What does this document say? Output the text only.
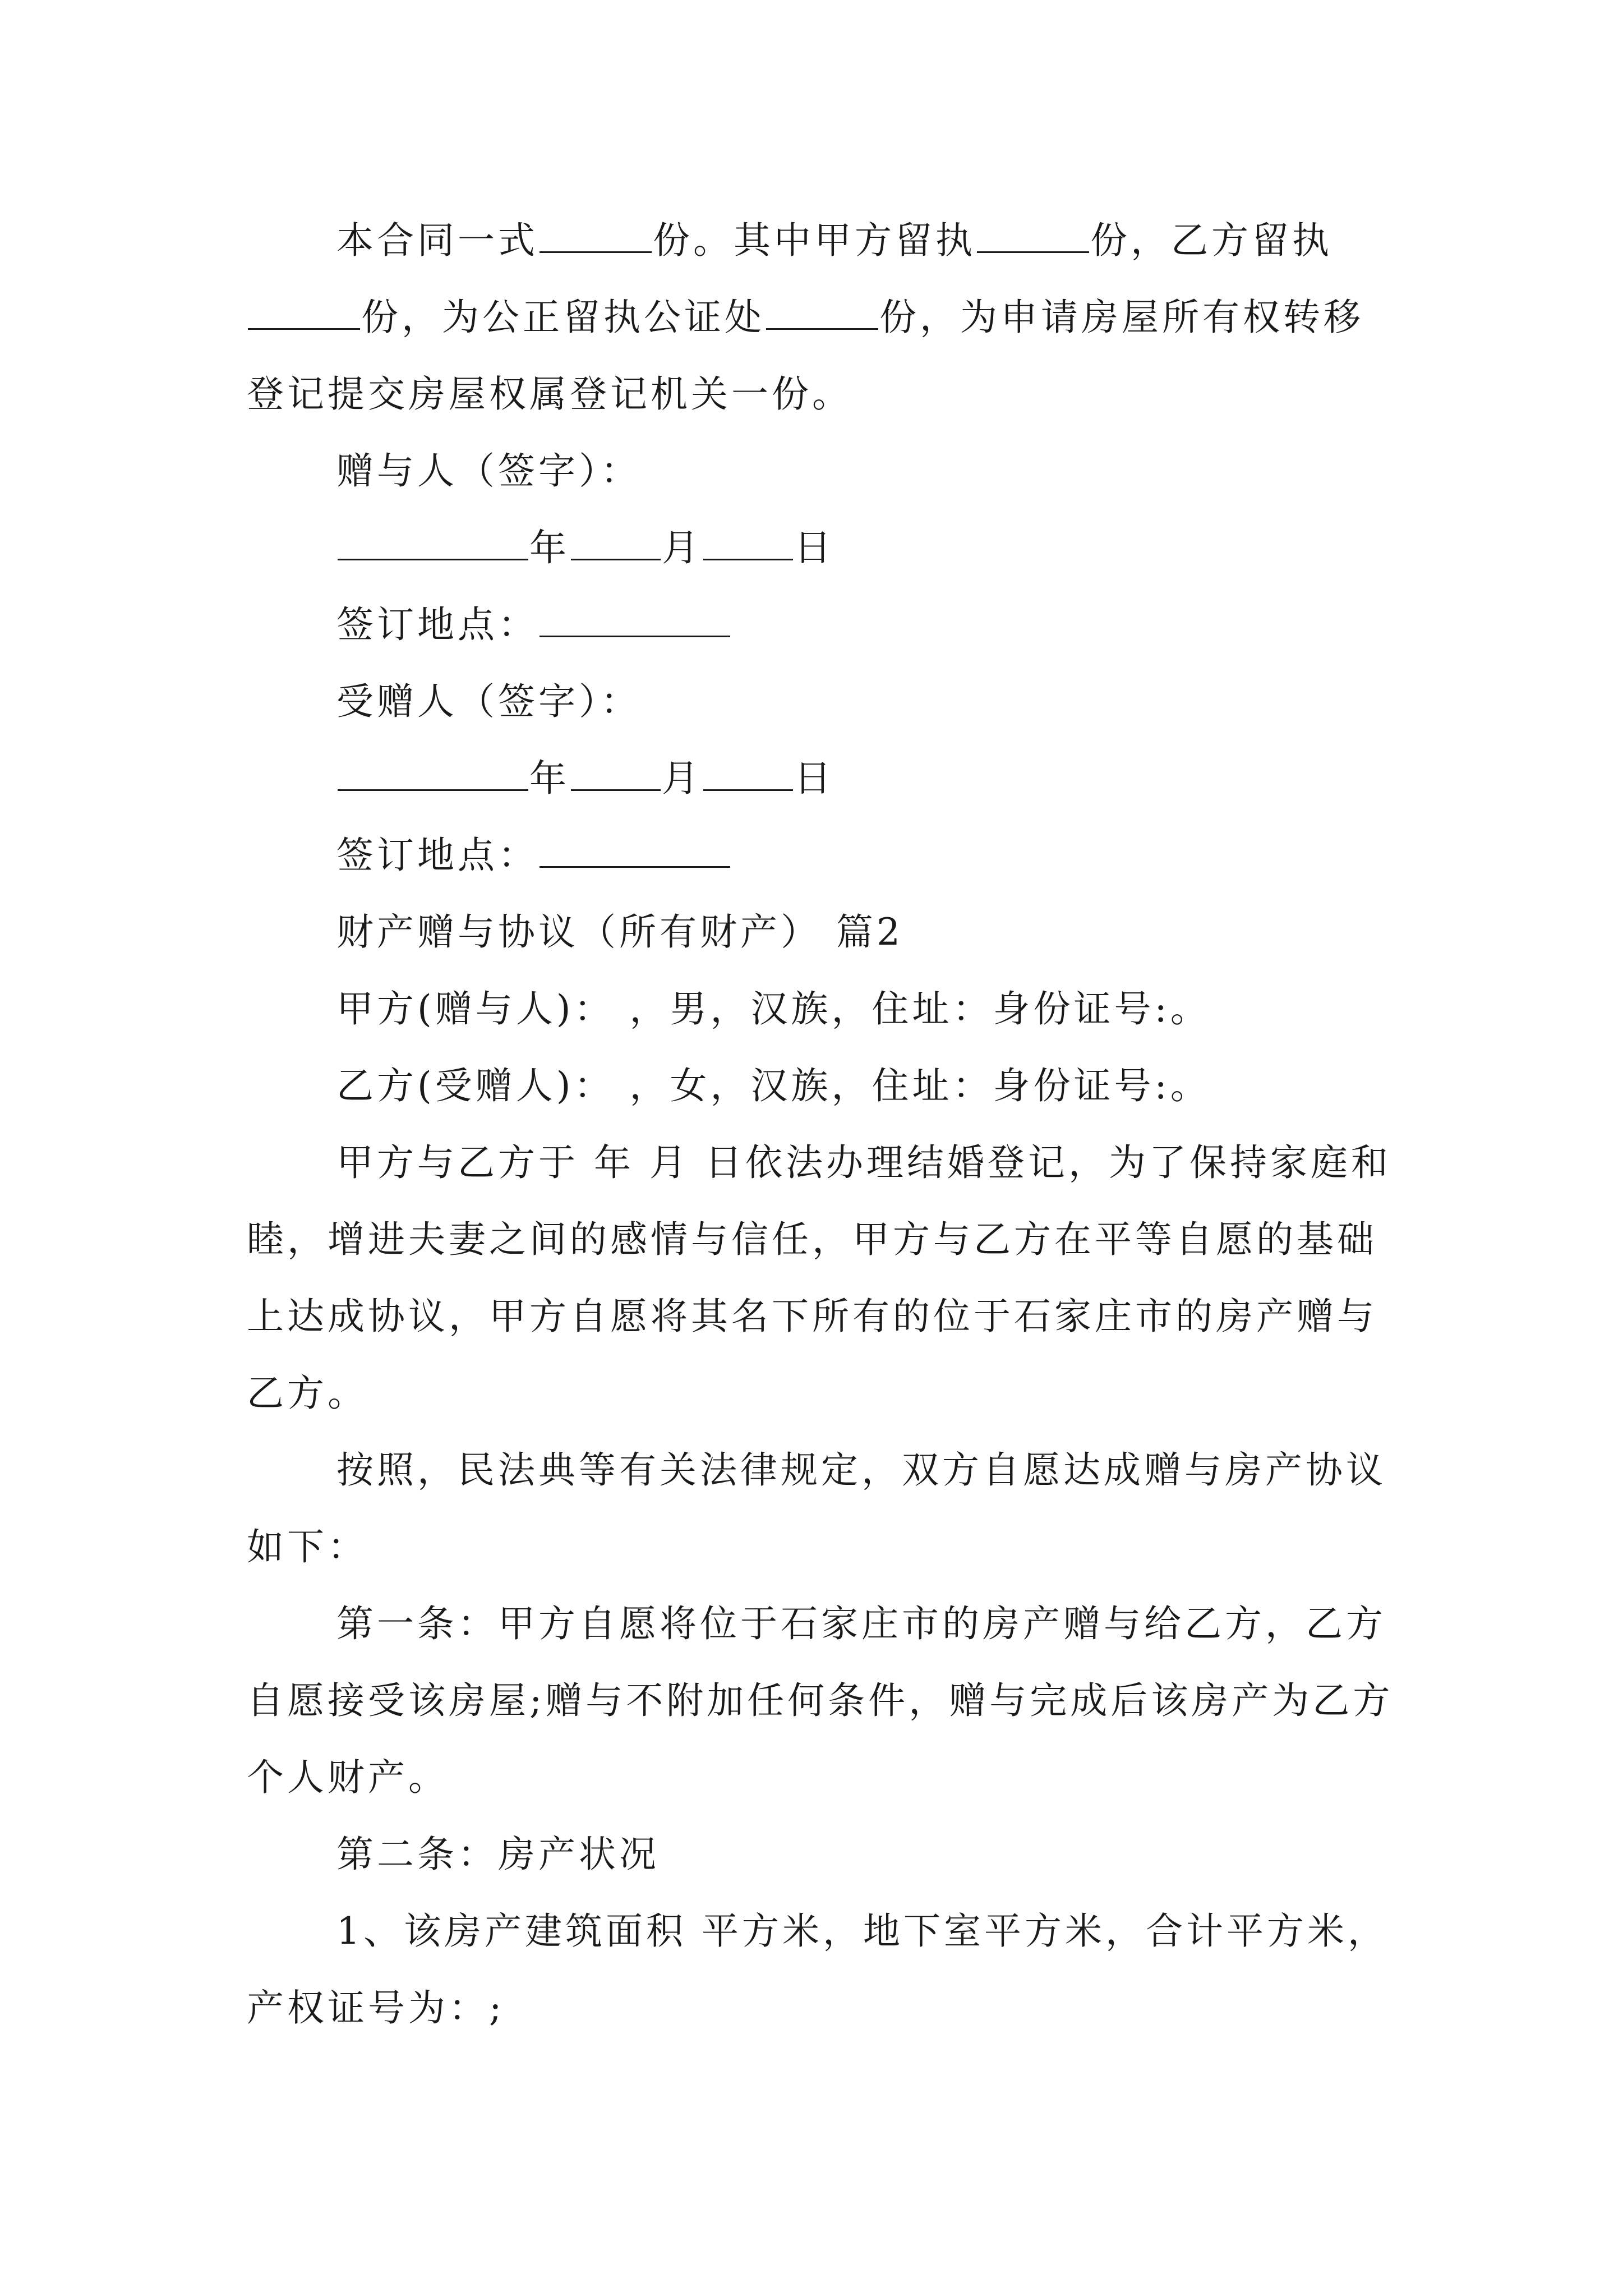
本合同一式	份。其中甲方留执	份，乙方留执份，为公正留执公证处	份，为申请房屋所有权转移登记提交房屋权属登记机关一份。

赠与人（签字）：

年 月 日

签订地点：

受赠人（签字）：

年 月 日

签订地点：

财产赠与协议（所有财产） 篇2

甲方(赠与人)： ，男，汉族，住址：身份证号:。

乙方(受赠人)： ，女，汉族，住址：身份证号:。

甲方与乙方于 年 月 日依法办理结婚登记，为了保持家庭和睦，增进夫妻之间的感情与信任，甲方与乙方在平等自愿的基础上达成协议，甲方自愿将其名下所有的位于石家庄市的房产赠与乙方。

按照，民法典等有关法律规定，双方自愿达成赠与房产协议如下：

第一条：甲方自愿将位于石家庄市的房产赠与给乙方，乙方自愿接受该房屋;赠与不附加任何条件，赠与完成后该房产为乙方个人财产。

第二条：房产状况

1、该房产建筑面积 平方米，地下室平方米，合计平方米，产权证号为：;
